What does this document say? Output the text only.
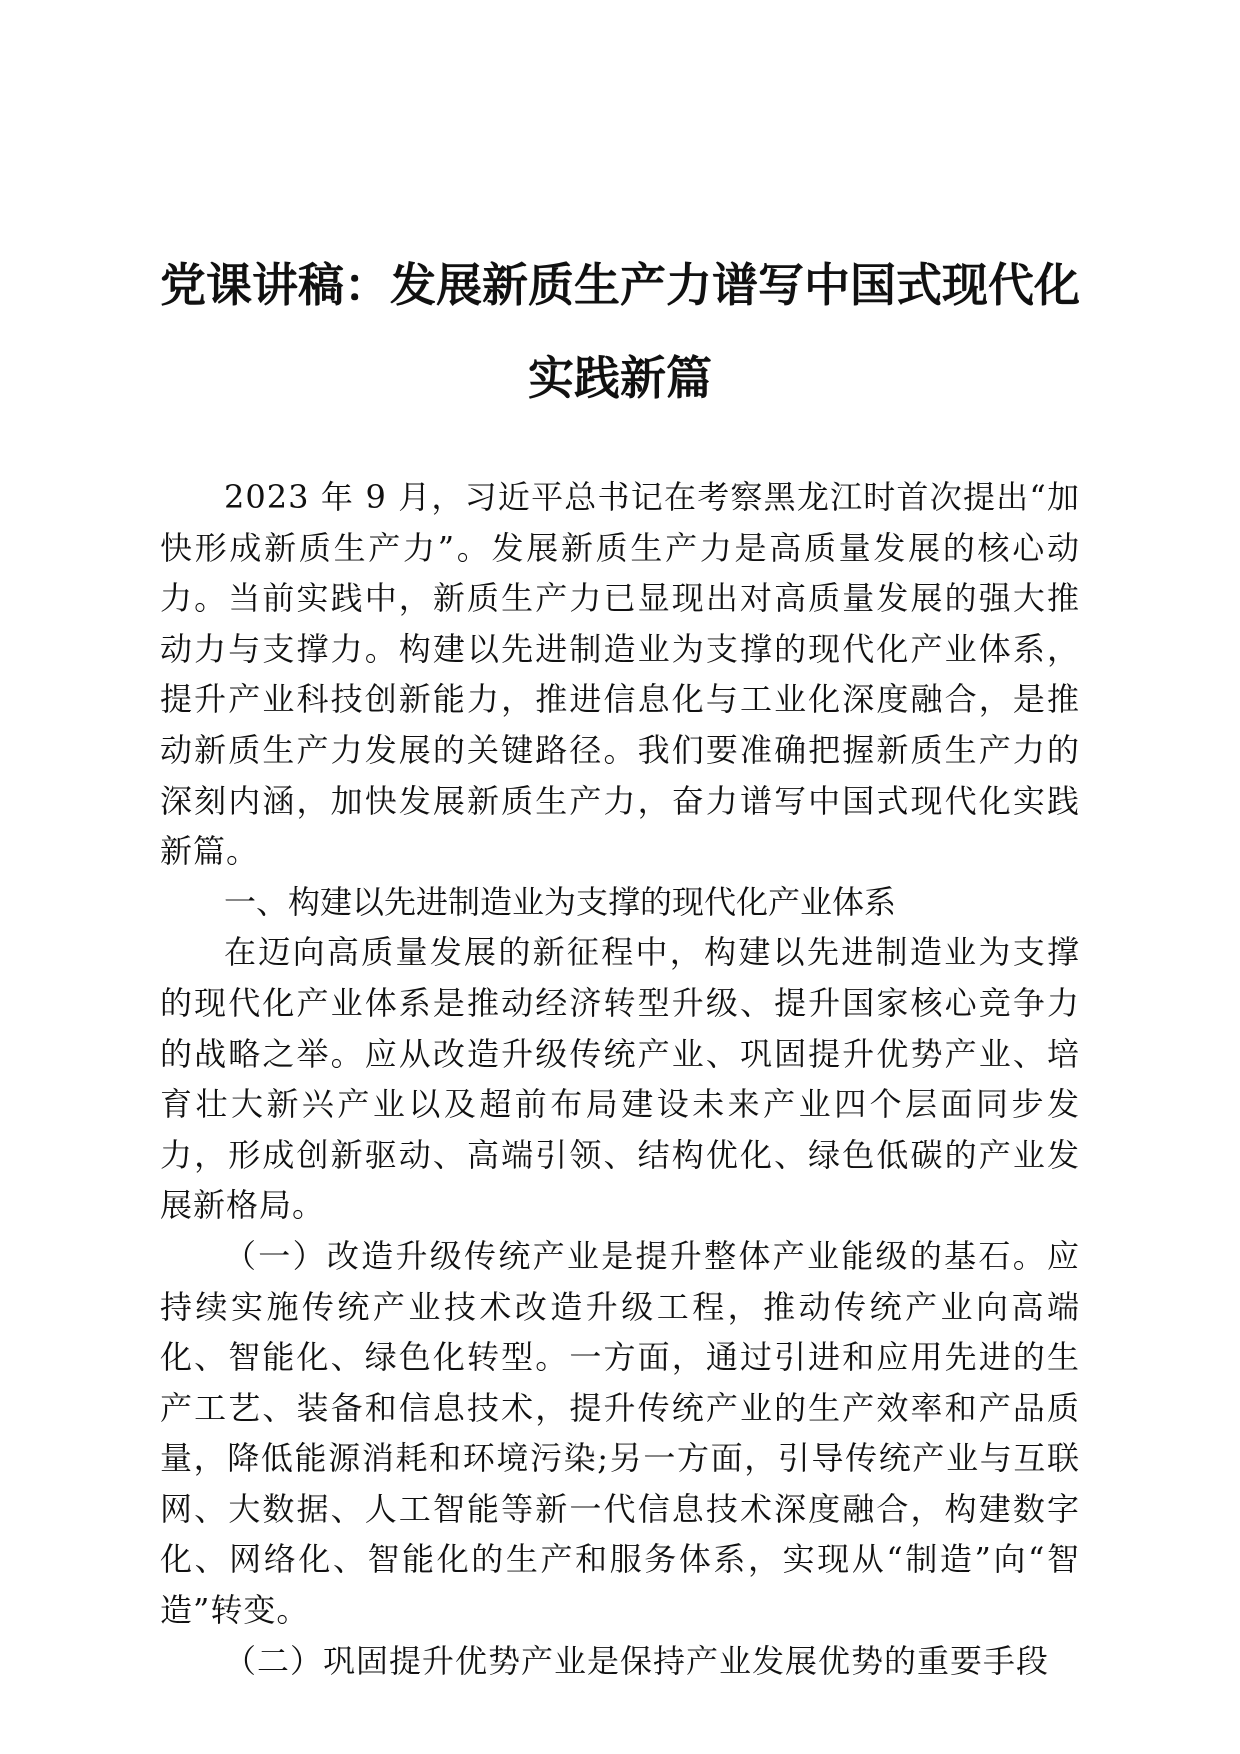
党课讲稿：发展新质生产力谱写中国式现代化
实践新篇

2023 年 9 月，习近平总书记在考察黑龙江时首次提出“加快形成新质生产力”。发展新质生产力是高质量发展的核心动力。当前实践中，新质生产力已显现出对高质量发展的强大推动力与支撑力。构建以先进制造业为支撑的现代化产业体系，提升产业科技创新能力，推进信息化与工业化深度融合，是推动新质生产力发展的关键路径。我们要准确把握新质生产力的深刻内涵，加快发展新质生产力，奋力谱写中国式现代化实践新篇。

一、构建以先进制造业为支撑的现代化产业体系

在迈向高质量发展的新征程中，构建以先进制造业为支撑的现代化产业体系是推动经济转型升级、提升国家核心竞争力的战略之举。应从改造升级传统产业、巩固提升优势产业、培育壮大新兴产业以及超前布局建设未来产业四个层面同步发力，形成创新驱动、高端引领、结构优化、绿色低碳的产业发展新格局。

（一）改造升级传统产业是提升整体产业能级的基石。应持续实施传统产业技术改造升级工程，推动传统产业向高端化、智能化、绿色化转型。一方面，通过引进和应用先进的生产工艺、装备和信息技术，提升传统产业的生产效率和产品质量，降低能源消耗和环境污染;另一方面，引导传统产业与互联网、大数据、人工智能等新一代信息技术深度融合，构建数字化、网络化、智能化的生产和服务体系，实现从“制造”向“智造”转变。

（二）巩固提升优势产业是保持产业发展优势的重要手段
